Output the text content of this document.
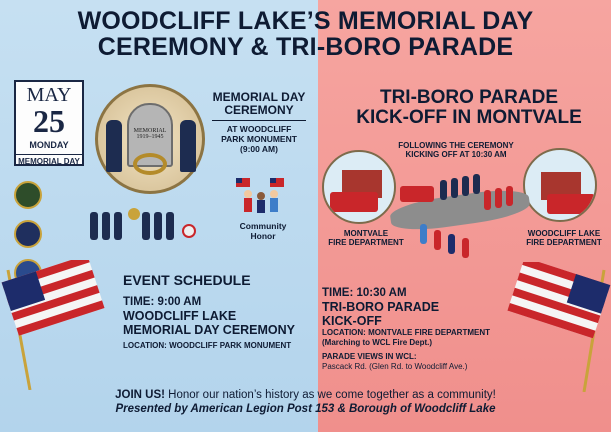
WOODCLIFF LAKE’S MEMORIAL DAY
CEREMONY & TRI-BORO PARADE
MAY
25
MONDAY
MEMORIAL DAY

MEMORIAL
1919–1945
MEMORIAL DAY
CEREMONY
AT WOODCLIFF
PARK MONUMENT
(9:00 AM)
Community
Honor
TRI-BORO PARADE
KICK-OFF IN MONTVALE
FOLLOWING THE CEREMONY
KICKING OFF AT 10:30 AM
MONTVALE
FIRE DEPARTMENT
WOODCLIFF LAKE
FIRE DEPARTMENT
EVENT SCHEDULE
TIME: 9:00 AM
WOODCLIFF LAKE
MEMORIAL DAY CEREMONY
LOCATION: WOODCLIFF PARK MONUMENT
TIME: 10:30 AM
TRI-BORO PARADE
KICK-OFF
LOCATION: MONTVALE FIRE DEPARTMENT
(Marching to WCL Fire Dept.)
PARADE VIEWS IN WCL:
Pascack Rd. (Glen Rd. to Woodcliff Ave.)
JOIN US! Honor our nation’s history as we come together as a community!
Presented by American Legion Post 153 & Borough of Woodcliff Lake
